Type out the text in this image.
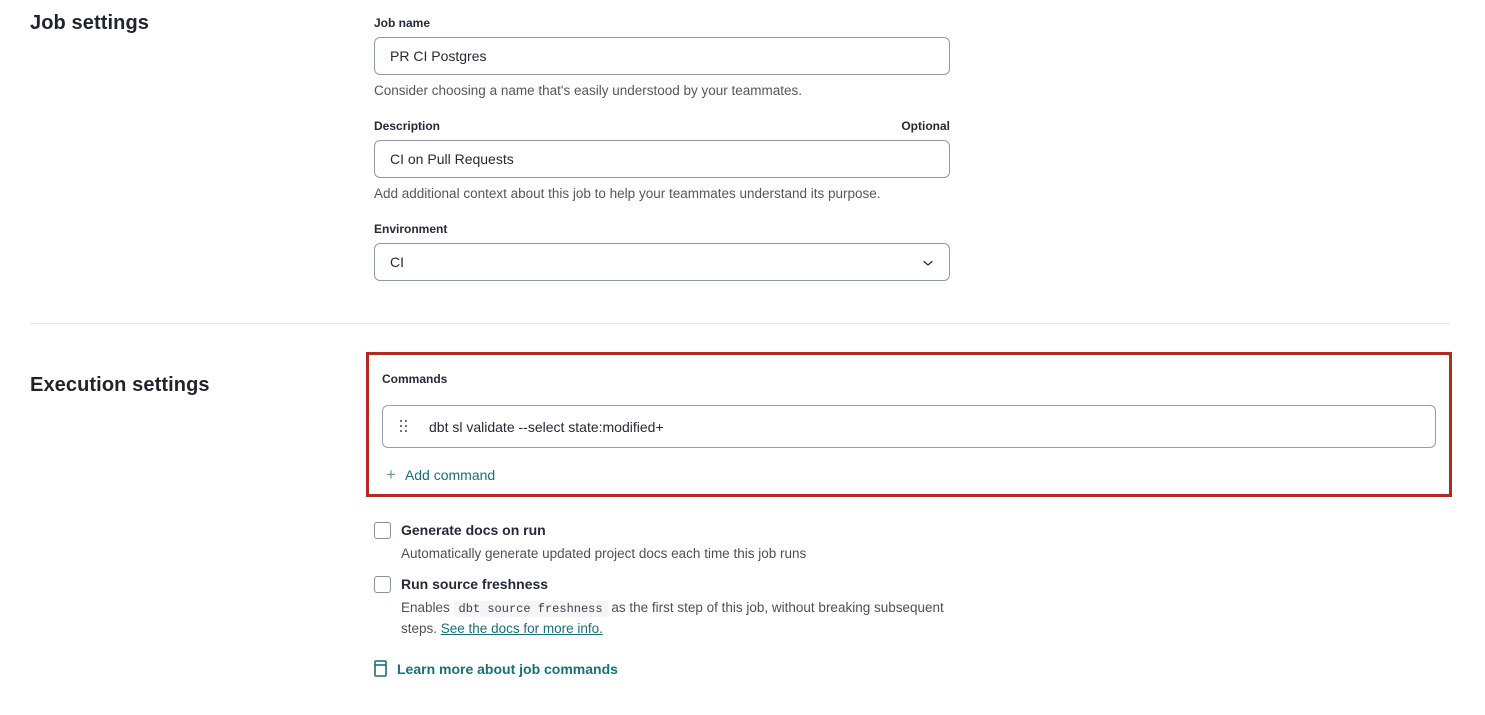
Job settings	Job name
PR CI Postgres
Consider choosing a name that's easily understood by your teammates.
Description	Optional
CI on Pull Requests
Add additional context about this job to help your teammates understand its purpose.
Environment
CI
Execution settings	Commands
dbt sl validate --select state:modified+
+ Add command
Generate docs on run
Automatically generate updated project docs each time this job runs
Run source freshness
Enables dbt source freshness as the first step of this job, without breaking subsequent steps. See the docs for more info.
Learn more about job commands
